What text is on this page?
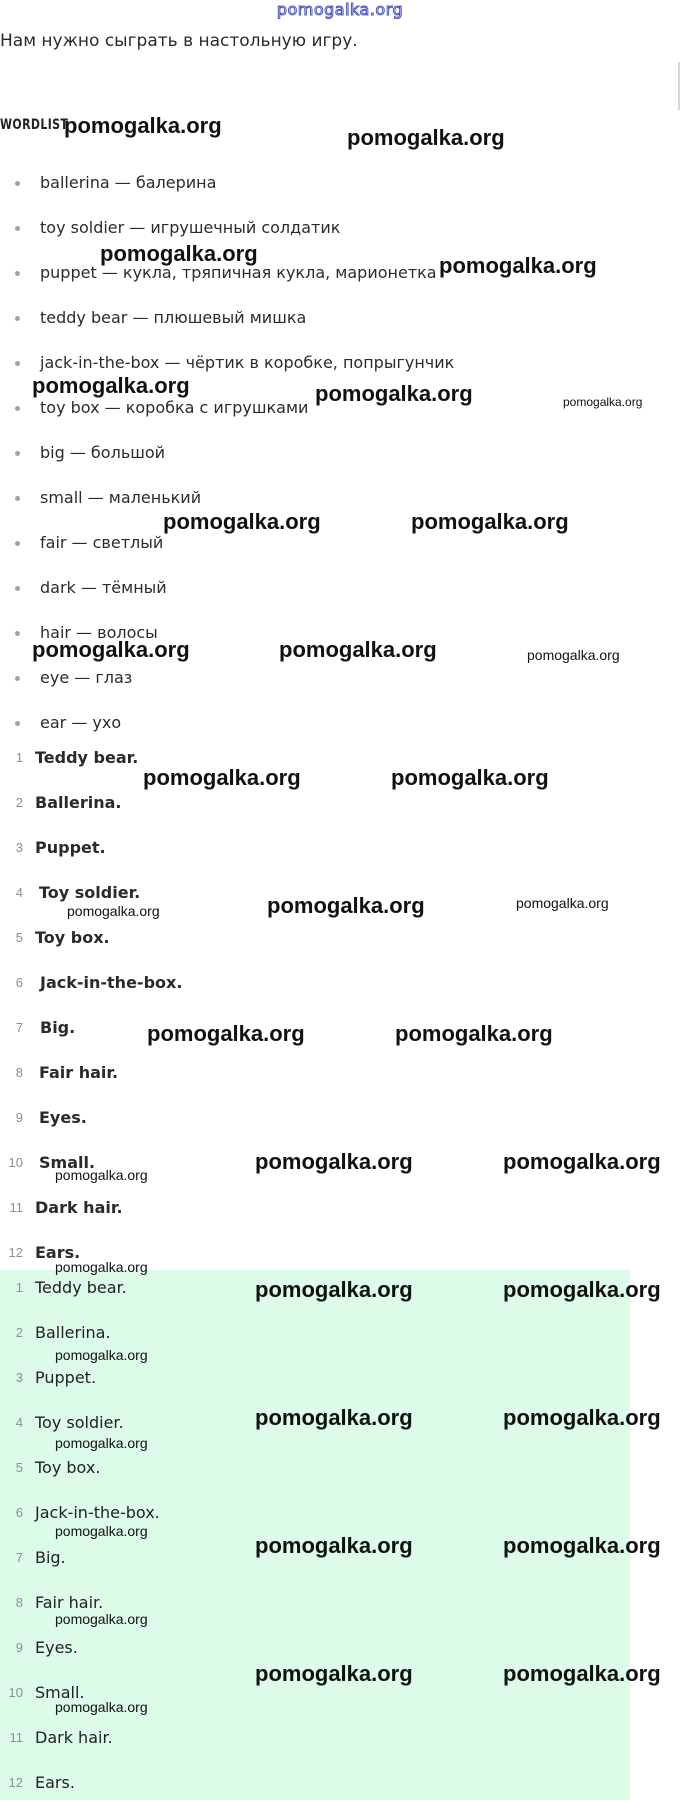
pomogalka.org
Нам нужно сыграть в настольную игру.
WORDLIST
ballerina — балерина
toy soldier — игрушечный солдатик
puppet — кукла, тряпичная кукла, марионетка
teddy bear — плюшевый мишка
jack-in-the-box — чёртик в коробке, попрыгунчик
toy box — коробка с игрушками
big — большой
small — маленький
fair — светлый
dark — тёмный
hair — волосы
eye — глаз
ear — ухо
1 Teddy bear.
2 Ballerina.
3 Puppet.
4 Toy soldier.
5 Toy box.
6 Jack-in-the-box.
7 Big.
8 Fair hair.
9 Eyes.
10 Small.
11 Dark hair.
12 Ears.
1 Teddy bear.
2 Ballerina.
3 Puppet.
4 Toy soldier.
5 Toy box.
6 Jack-in-the-box.
7 Big.
8 Fair hair.
9 Eyes.
10 Small.
11 Dark hair.
12 Ears.
pomogalka.org	pomogalka.org
pomogalka.org	pomogalka.org
pomogalka.org	pomogalka.org	pomogalka.org
pomogalka.org	pomogalka.org
pomogalka.org	pomogalka.org	pomogalka.org
pomogalka.org	pomogalka.org
pomogalka.org	pomogalka.org	pomogalka.org
pomogalka.org	pomogalka.org
pomogalka.org
pomogalka.org	pomogalka.org
pomogalka.org
pomogalka.org	pomogalka.org
pomogalka.org
pomogalka.org
pomogalka.org	pomogalka.org
pomogalka.org
pomogalka.org	pomogalka.org
pomogalka.org
pomogalka.org	pomogalka.org
pomogalka.org
